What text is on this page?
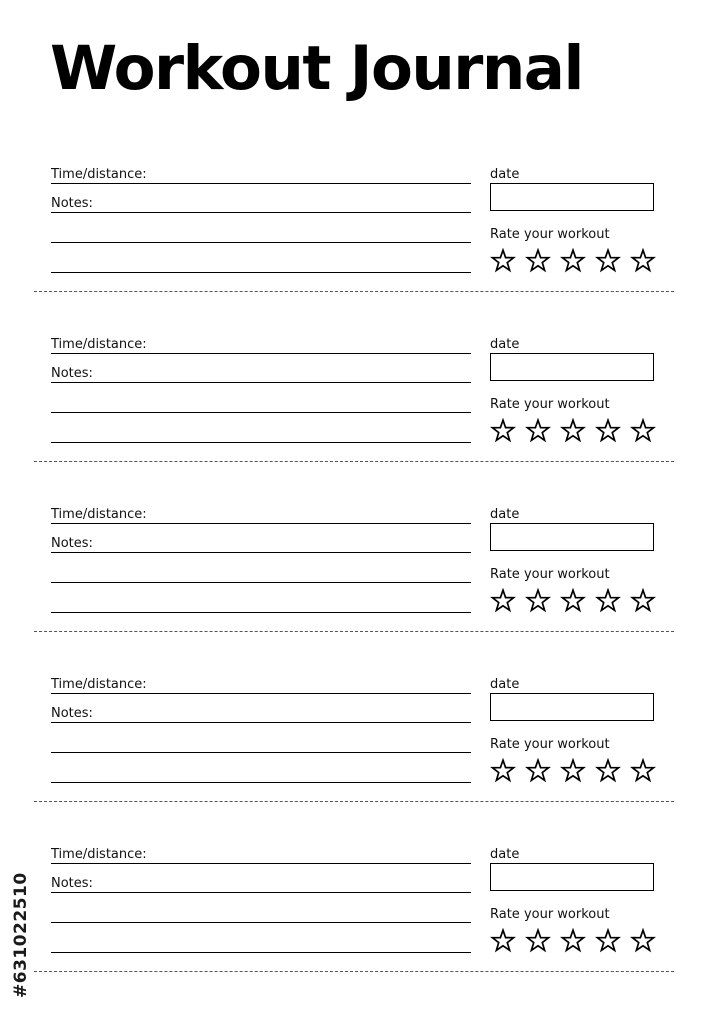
Workout Journal
Time/distance:
Notes:
date
Rate your workout
Time/distance:
Notes:
date
Rate your workout
Time/distance:
Notes:
date
Rate your workout
Time/distance:
Notes:
date
Rate your workout
Time/distance:
Notes:
date
Rate your workout
#631022510
